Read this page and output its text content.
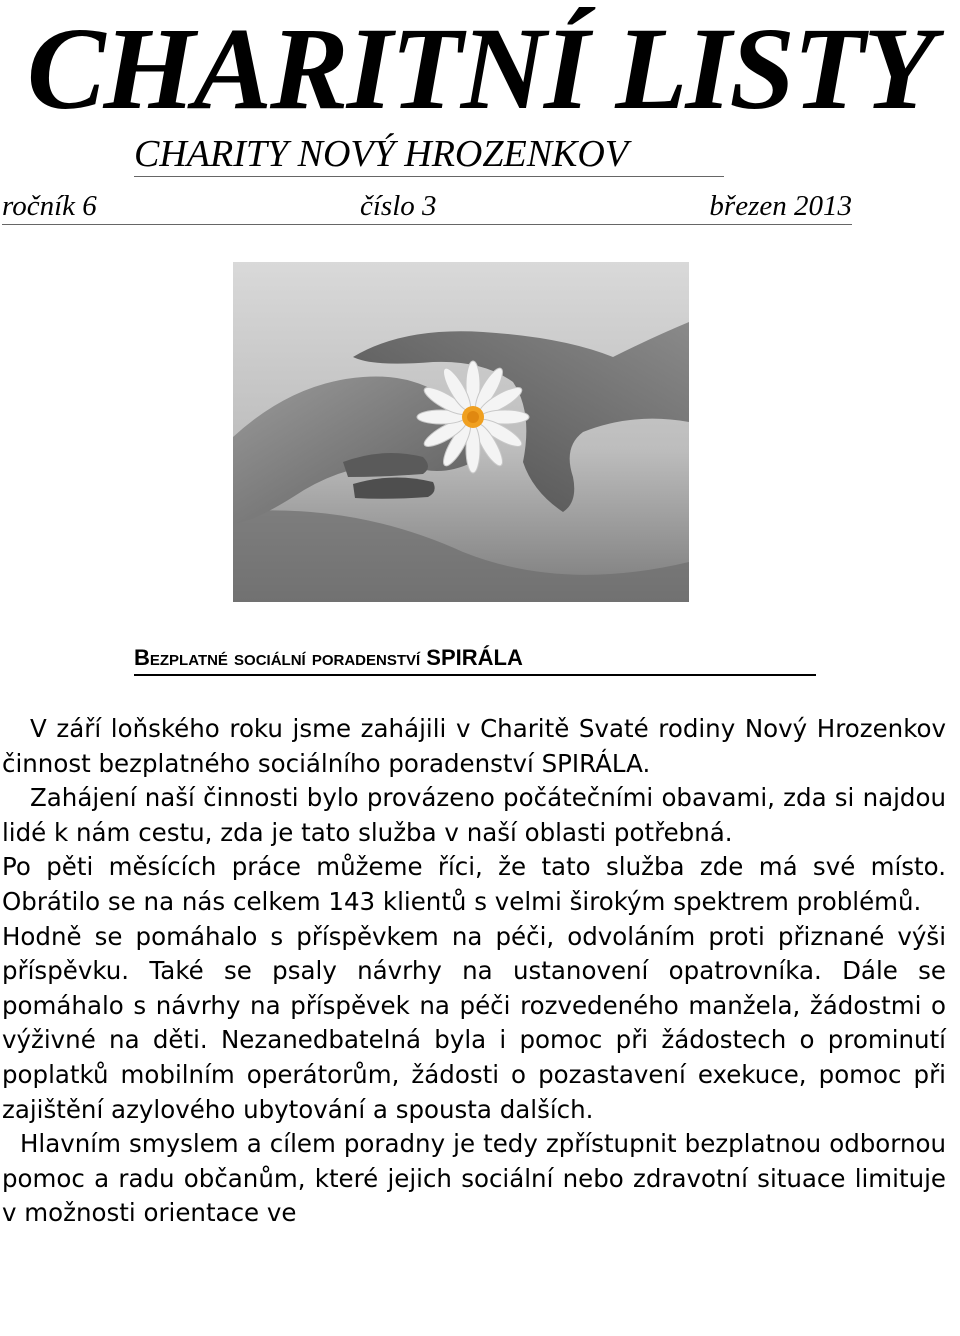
CHARITNÍ LISTY
CHARITY NOVÝ HROZENKOV
ročník 6	číslo 3	březen 2013
Bezplatné sociální poradenství SPIRÁLA

V září loňského roku jsme zahájili v Charitě Svaté rodiny Nový Hrozenkov činnost bezplatného sociálního poradenství SPIRÁLA.

Zahájení naší činnosti bylo provázeno počátečními obavami, zda si najdou lidé k nám cestu, zda je tato služba v naší oblasti potřebná.

Po pěti měsících práce můžeme říci, že tato služba zde má své místo. Obrátilo se na nás celkem 143 klientů s velmi širokým spektrem problémů.

Hodně se pomáhalo s příspěvkem na péči, odvoláním proti přiznané výši příspěvku. Také se psaly návrhy na ustanovení opatrovníka. Dále se pomáhalo s návrhy na příspěvek na péči rozvedeného manžela, žádostmi o výživné na děti. Nezanedbatelná byla i pomoc při žádostech o prominutí poplatků mobilním operátorům, žádosti o pozastavení exekuce, pomoc při zajištění azylového ubytování a spousta dalších.

Hlavním smyslem a cílem poradny je tedy zpřístupnit bezplatnou odbornou pomoc a radu občanům, které jejich sociální nebo zdravotní situace limituje v možnosti orientace ve
